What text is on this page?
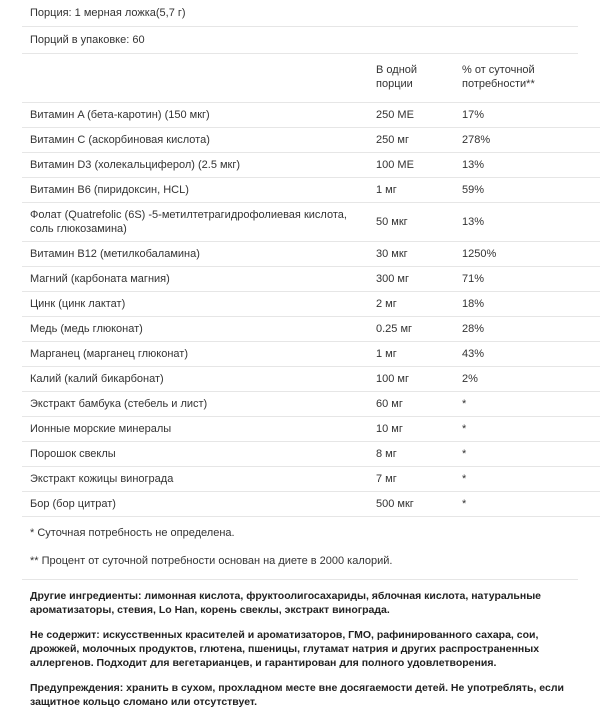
Порция: 1 мерная ложка(5,7 г)
Порций в упаковке: 60
	В одной порции	% от суточной потребности**
Витамин A (бета-каротин) (150 мкг)	250 МЕ	17%
Витамин C (аскорбиновая кислота)	250 мг	278%
Витамин D3 (холекальциферол) (2.5 мкг)	100 МЕ	13%
Витамин B6 (пиридоксин, HCL)	1 мг	59%
Фолат (Quatrefolic (6S) -5-метилтетрагидрофолиевая кислота, соль глюкозамина)	50 мкг	13%
Витамин B12 (метилкобаламина)	30 мкг	1250%
Магний (карбоната магния)	300 мг	71%
Цинк (цинк лактат)	2 мг	18%
Медь (медь глюконат)	0.25 мг	28%
Марганец (марганец глюконат)	1 мг	43%
Калий (калий бикарбонат)	100 мг	2%
Экстракт бамбука (стебель и лист)	60 мг	*
Ионные морские минералы	10 мг	*
Порошок свеклы	8 мг	*
Экстракт кожицы винограда	7 мг	*
Бор (бор цитрат)	500 мкг	*
* Суточная потребность не определена.
** Процент от суточной потребности основан на диете в 2000 калорий.

Другие ингредиенты: лимонная кислота, фруктоолигосахариды, яблочная кислота, натуральные ароматизаторы, стевия, Lo Han, корень свеклы, экстракт винограда.

Не содержит: искусственных красителей и ароматизаторов, ГМО, рафинированного сахара, сои, дрожжей, молочных продуктов, глютена, пшеницы, глутамат натрия и других распространенных аллергенов. Подходит для вегетарианцев, и гарантирован для полного удовлетворения.

Предупреждения: хранить в сухом, прохладном месте вне досягаемости детей. Не употреблять, если защитное кольцо сломано или отсутствует.
